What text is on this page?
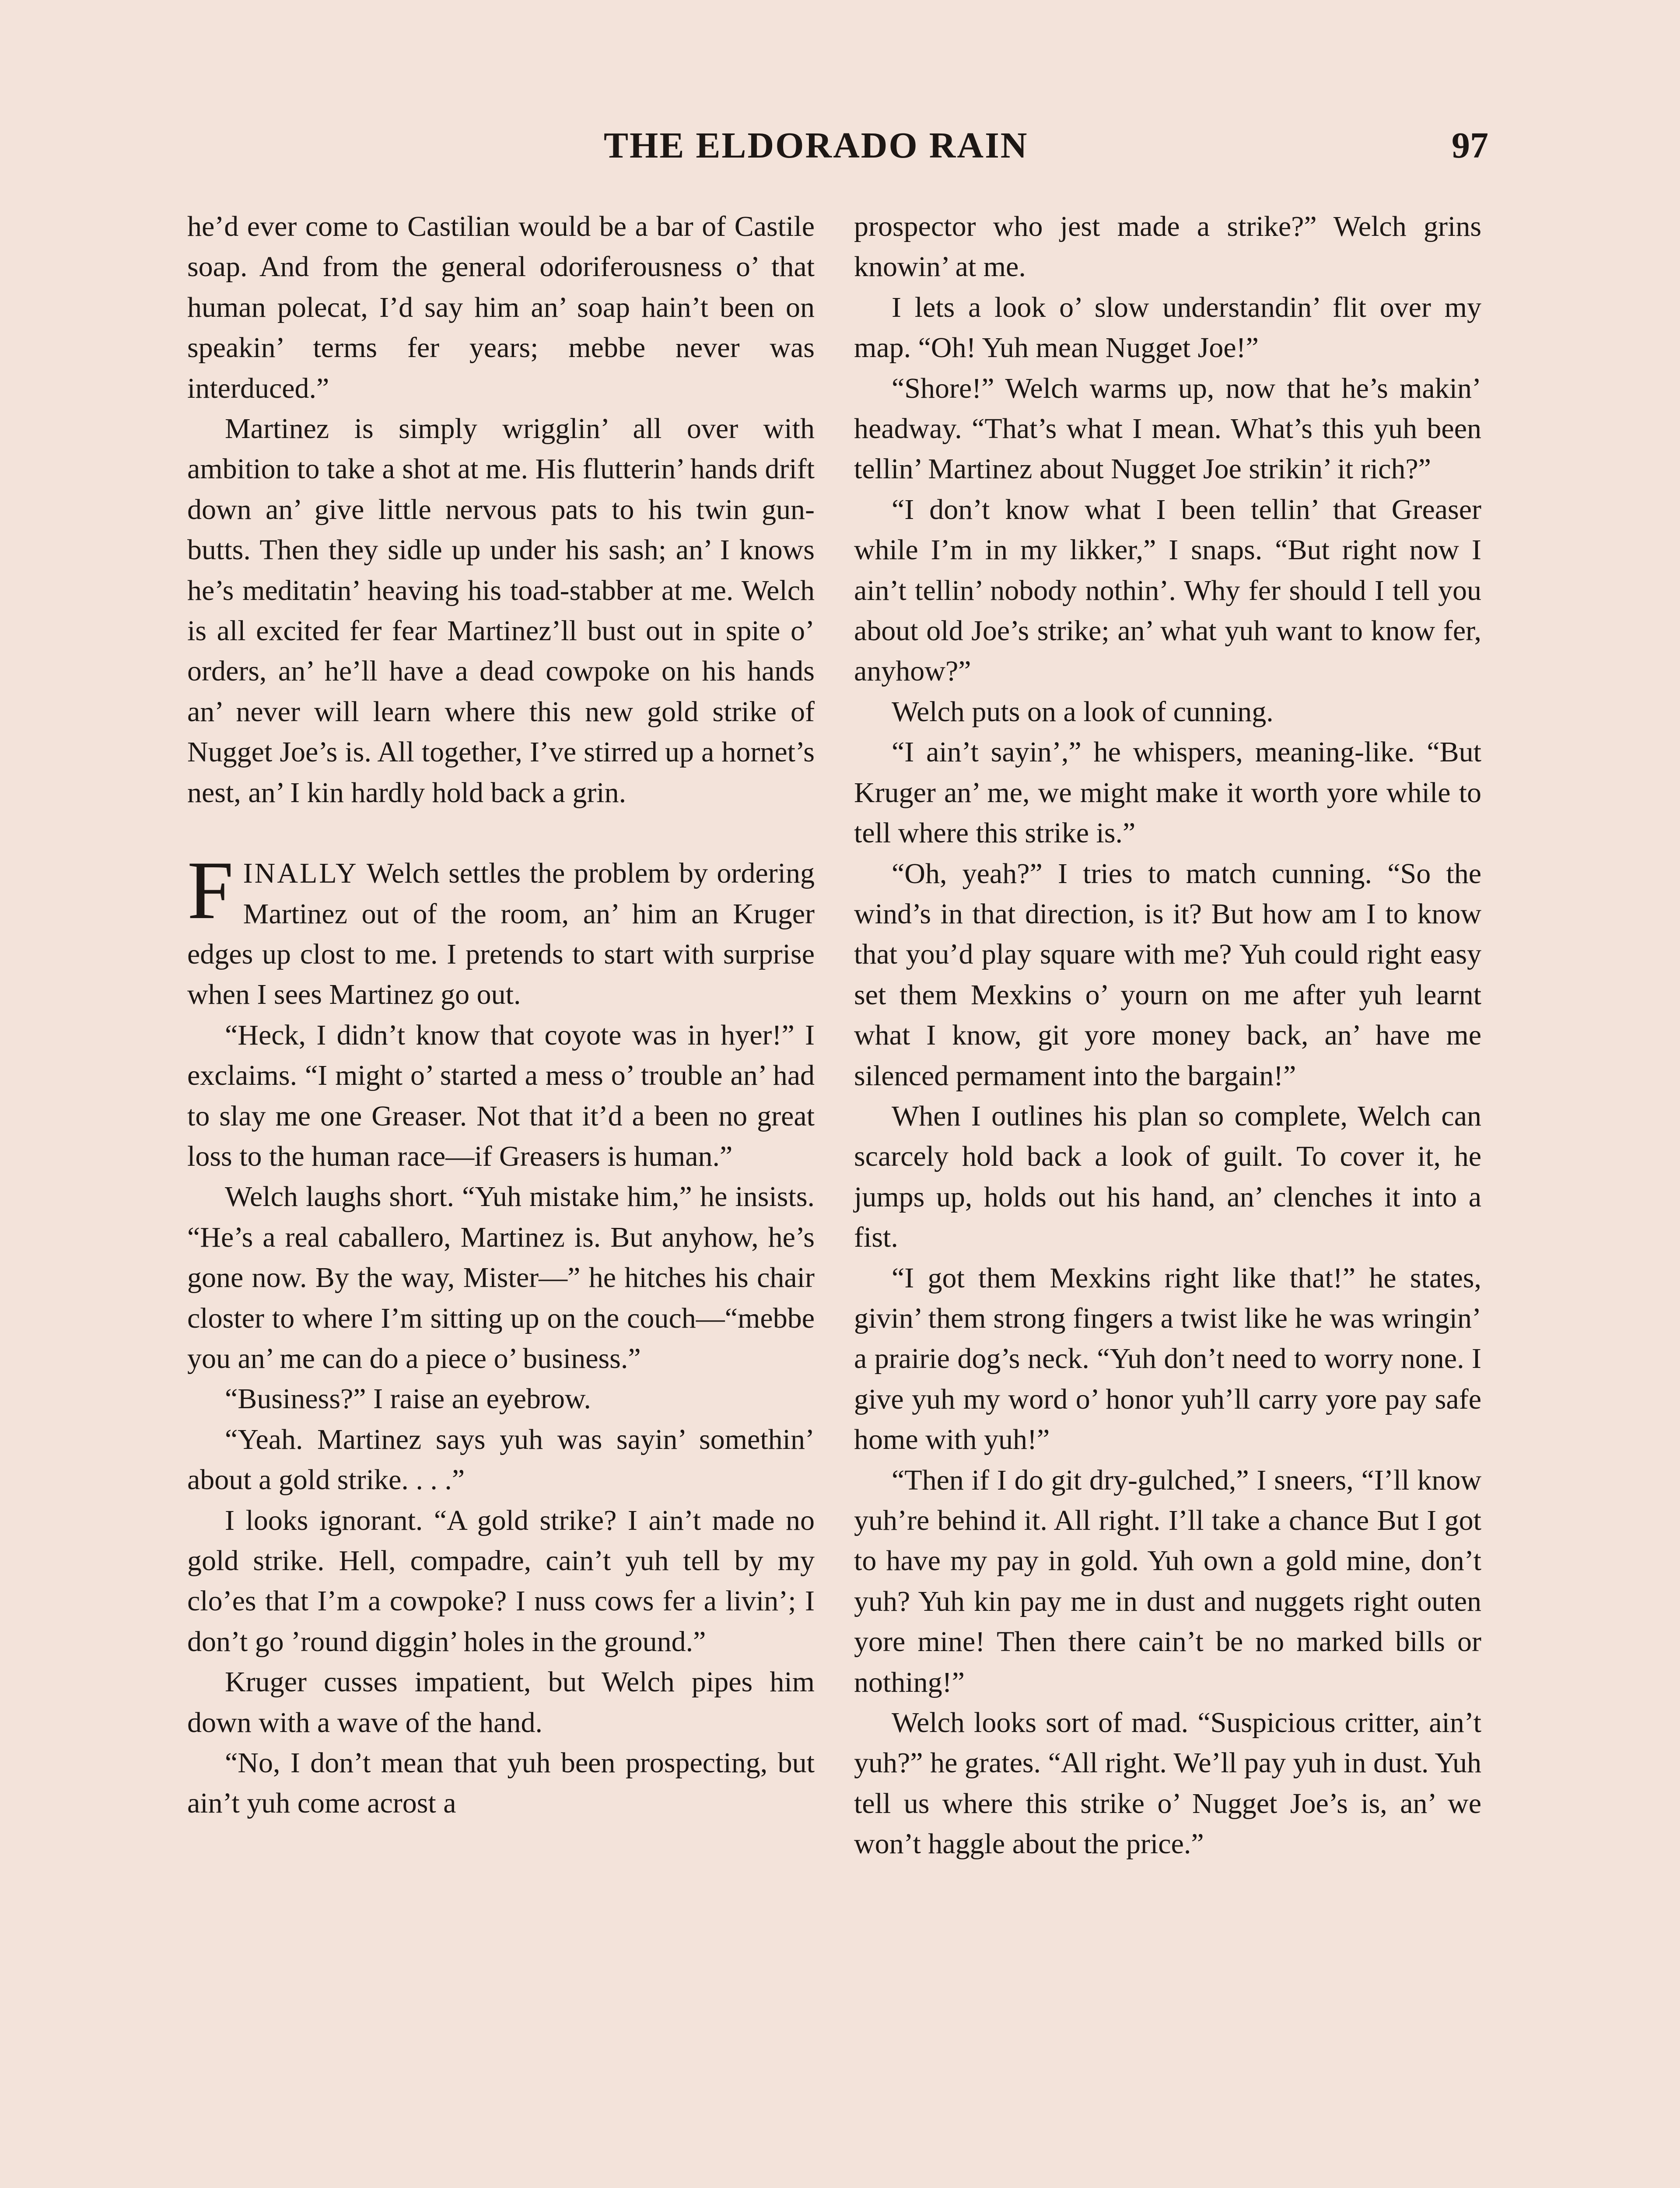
THE ELDORADO RAIN	97

he’d ever come to Castilian would be a bar of Castile soap. And from the general odoriferousness o’ that human polecat, I’d say him an’ soap hain’t been on speakin’ terms fer years; mebbe never was interduced.”

Martinez is simply wrigglin’ all over with ambition to take a shot at me. His flutterin’ hands drift down an’ give little nervous pats to his twin gun-butts. Then they sidle up under his sash; an’ I knows he’s meditatin’ heaving his toad-stabber at me. Welch is all excited fer fear Martinez’ll bust out in spite o’ orders, an’ he’ll have a dead cowpoke on his hands an’ never will learn where this new gold strike of Nugget Joe’s is. All together, I’ve stirred up a hornet’s nest, an’ I kin hardly hold back a grin.

FINALLY Welch settles the problem by ordering Martinez out of the room, an’ him an Kruger edges up clost to me. I pretends to start with surprise when I sees Martinez go out.

“Heck, I didn’t know that coyote was in hyer!” I exclaims. “I might o’ started a mess o’ trouble an’ had to slay me one Greaser. Not that it’d a been no great loss to the human race—if Greasers is human.”

Welch laughs short. “Yuh mistake him,” he insists. “He’s a real caballero, Martinez is. But anyhow, he’s gone now. By the way, Mister—” he hitches his chair closter to where I’m sitting up on the couch—“mebbe you an’ me can do a piece o’ business.”

“Business?” I raise an eyebrow.

“Yeah. Martinez says yuh was sayin’ somethin’ about a gold strike. . . .”

I looks ignorant. “A gold strike? I ain’t made no gold strike. Hell, compadre, cain’t yuh tell by my clo’es that I’m a cowpoke? I nuss cows fer a livin’; I don’t go ’round diggin’ holes in the ground.”

Kruger cusses impatient, but Welch pipes him down with a wave of the hand.

“No, I don’t mean that yuh been prospecting, but ain’t yuh come acrost a

prospector who jest made a strike?” Welch grins knowin’ at me.

I lets a look o’ slow understandin’ flit over my map. “Oh! Yuh mean Nugget Joe!”

“Shore!” Welch warms up, now that he’s makin’ headway. “That’s what I mean. What’s this yuh been tellin’ Martinez about Nugget Joe strikin’ it rich?”

“I don’t know what I been tellin’ that Greaser while I’m in my likker,” I snaps. “But right now I ain’t tellin’ nobody nothin’. Why fer should I tell you about old Joe’s strike; an’ what yuh want to know fer, anyhow?”

Welch puts on a look of cunning.

“I ain’t sayin’,” he whispers, meaning-like. “But Kruger an’ me, we might make it worth yore while to tell where this strike is.”

“Oh, yeah?” I tries to match cunning. “So the wind’s in that direction, is it? But how am I to know that you’d play square with me? Yuh could right easy set them Mexkins o’ yourn on me after yuh learnt what I know, git yore money back, an’ have me silenced permament into the bargain!”

When I outlines his plan so complete, Welch can scarcely hold back a look of guilt. To cover it, he jumps up, holds out his hand, an’ clenches it into a fist.

“I got them Mexkins right like that!” he states, givin’ them strong fingers a twist like he was wringin’ a prairie dog’s neck. “Yuh don’t need to worry none. I give yuh my word o’ honor yuh’ll carry yore pay safe home with yuh!”

“Then if I do git dry-gulched,” I sneers, “I’ll know yuh’re behind it. All right. I’ll take a chance But I got to have my pay in gold. Yuh own a gold mine, don’t yuh? Yuh kin pay me in dust and nuggets right outen yore mine! Then there cain’t be no marked bills or nothing!”

Welch looks sort of mad. “Suspicious critter, ain’t yuh?” he grates. “All right. We’ll pay yuh in dust. Yuh tell us where this strike o’ Nugget Joe’s is, an’ we won’t haggle about the price.”
